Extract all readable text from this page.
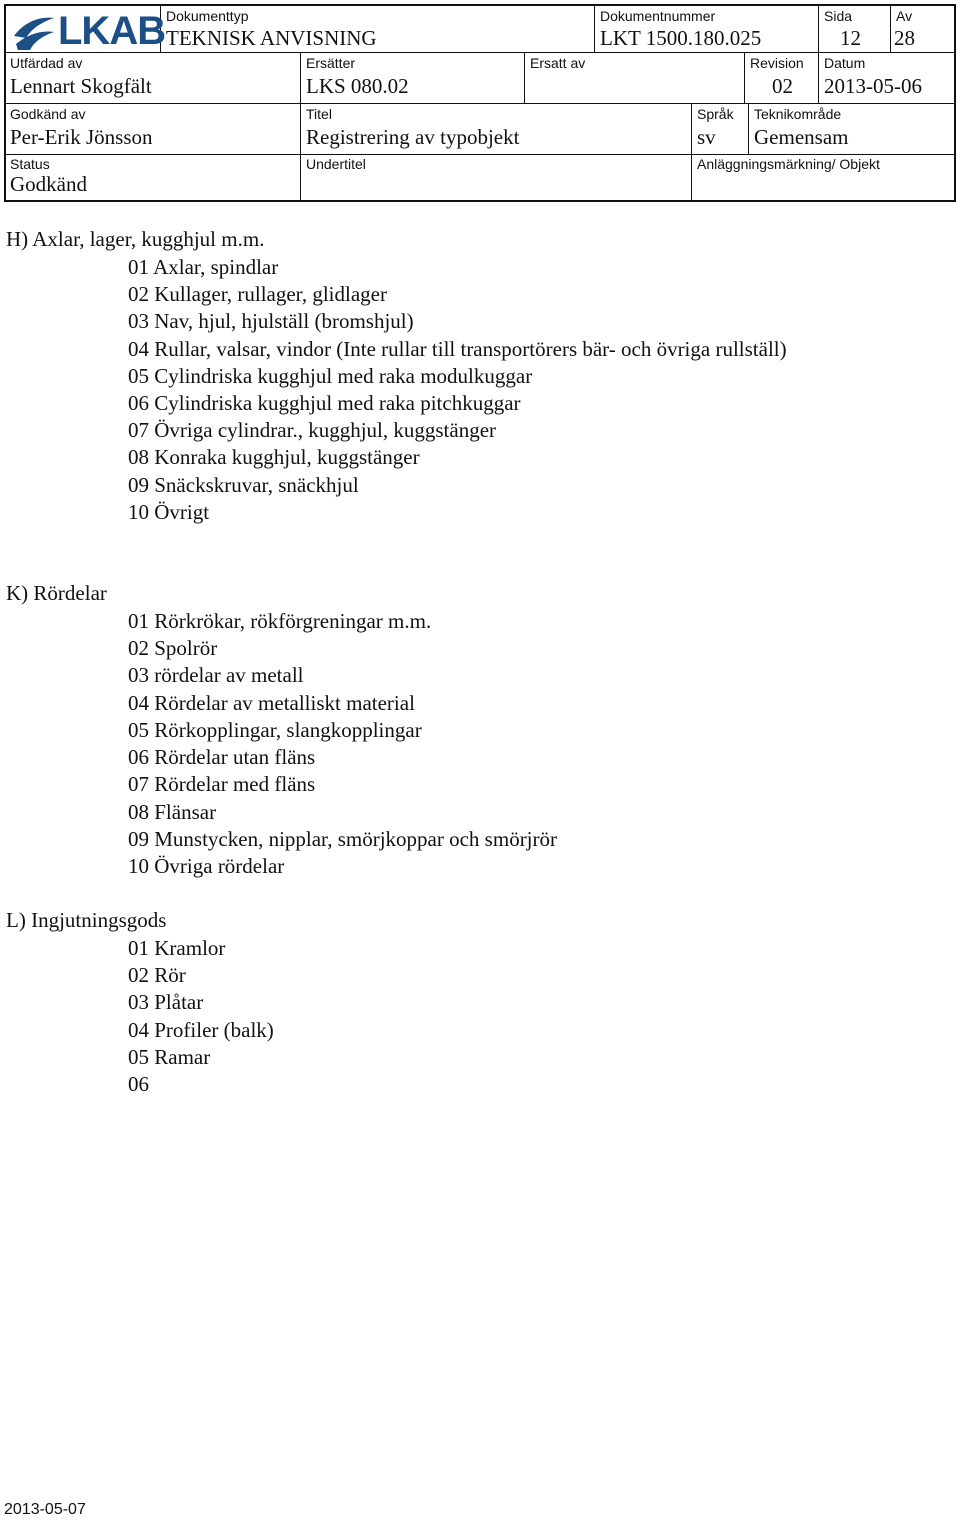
LKAB Dokumenttyp
TEKNISK ANVISNING
Dokumentnummer
LKT 1500.180.025
Sida
12
Av
28
Utfärdad av
Lennart Skogfält
Ersätter
LKS 080.02
Ersatt av	Revision
02
Datum
2013-05-06
Godkänd av
Per-Erik Jönsson
Titel
Registrering av typobjekt
Språk
sv
Teknikområde
Gemensam
Status
Godkänd
Undertitel	Anläggningsmärkning/ Objekt
H) Axlar, lager, kugghjul m.m.
01 Axlar, spindlar
02 Kullager, rullager, glidlager
03 Nav, hjul, hjulställ (bromshjul)
04 Rullar, valsar, vindor (Inte rullar till transportörers bär- och övriga rullställ)
05 Cylindriska kugghjul med raka modulkuggar
06 Cylindriska kugghjul med raka pitchkuggar
07 Övriga cylindrar., kugghjul, kuggstänger
08 Konraka kugghjul, kuggstänger
09 Snäckskruvar, snäckhjul
10 Övrigt
K) Rördelar
01 Rörkrökar, rökförgreningar m.m.
02 Spolrör
03 rördelar av metall
04 Rördelar av metalliskt material
05 Rörkopplingar, slangkopplingar
06 Rördelar utan fläns
07 Rördelar med fläns
08 Flänsar
09 Munstycken, nipplar, smörjkoppar och smörjrör
10 Övriga rördelar
L) Ingjutningsgods
01 Kramlor
02 Rör
03 Plåtar
04 Profiler (balk)
05 Ramar
06
2013-05-07
